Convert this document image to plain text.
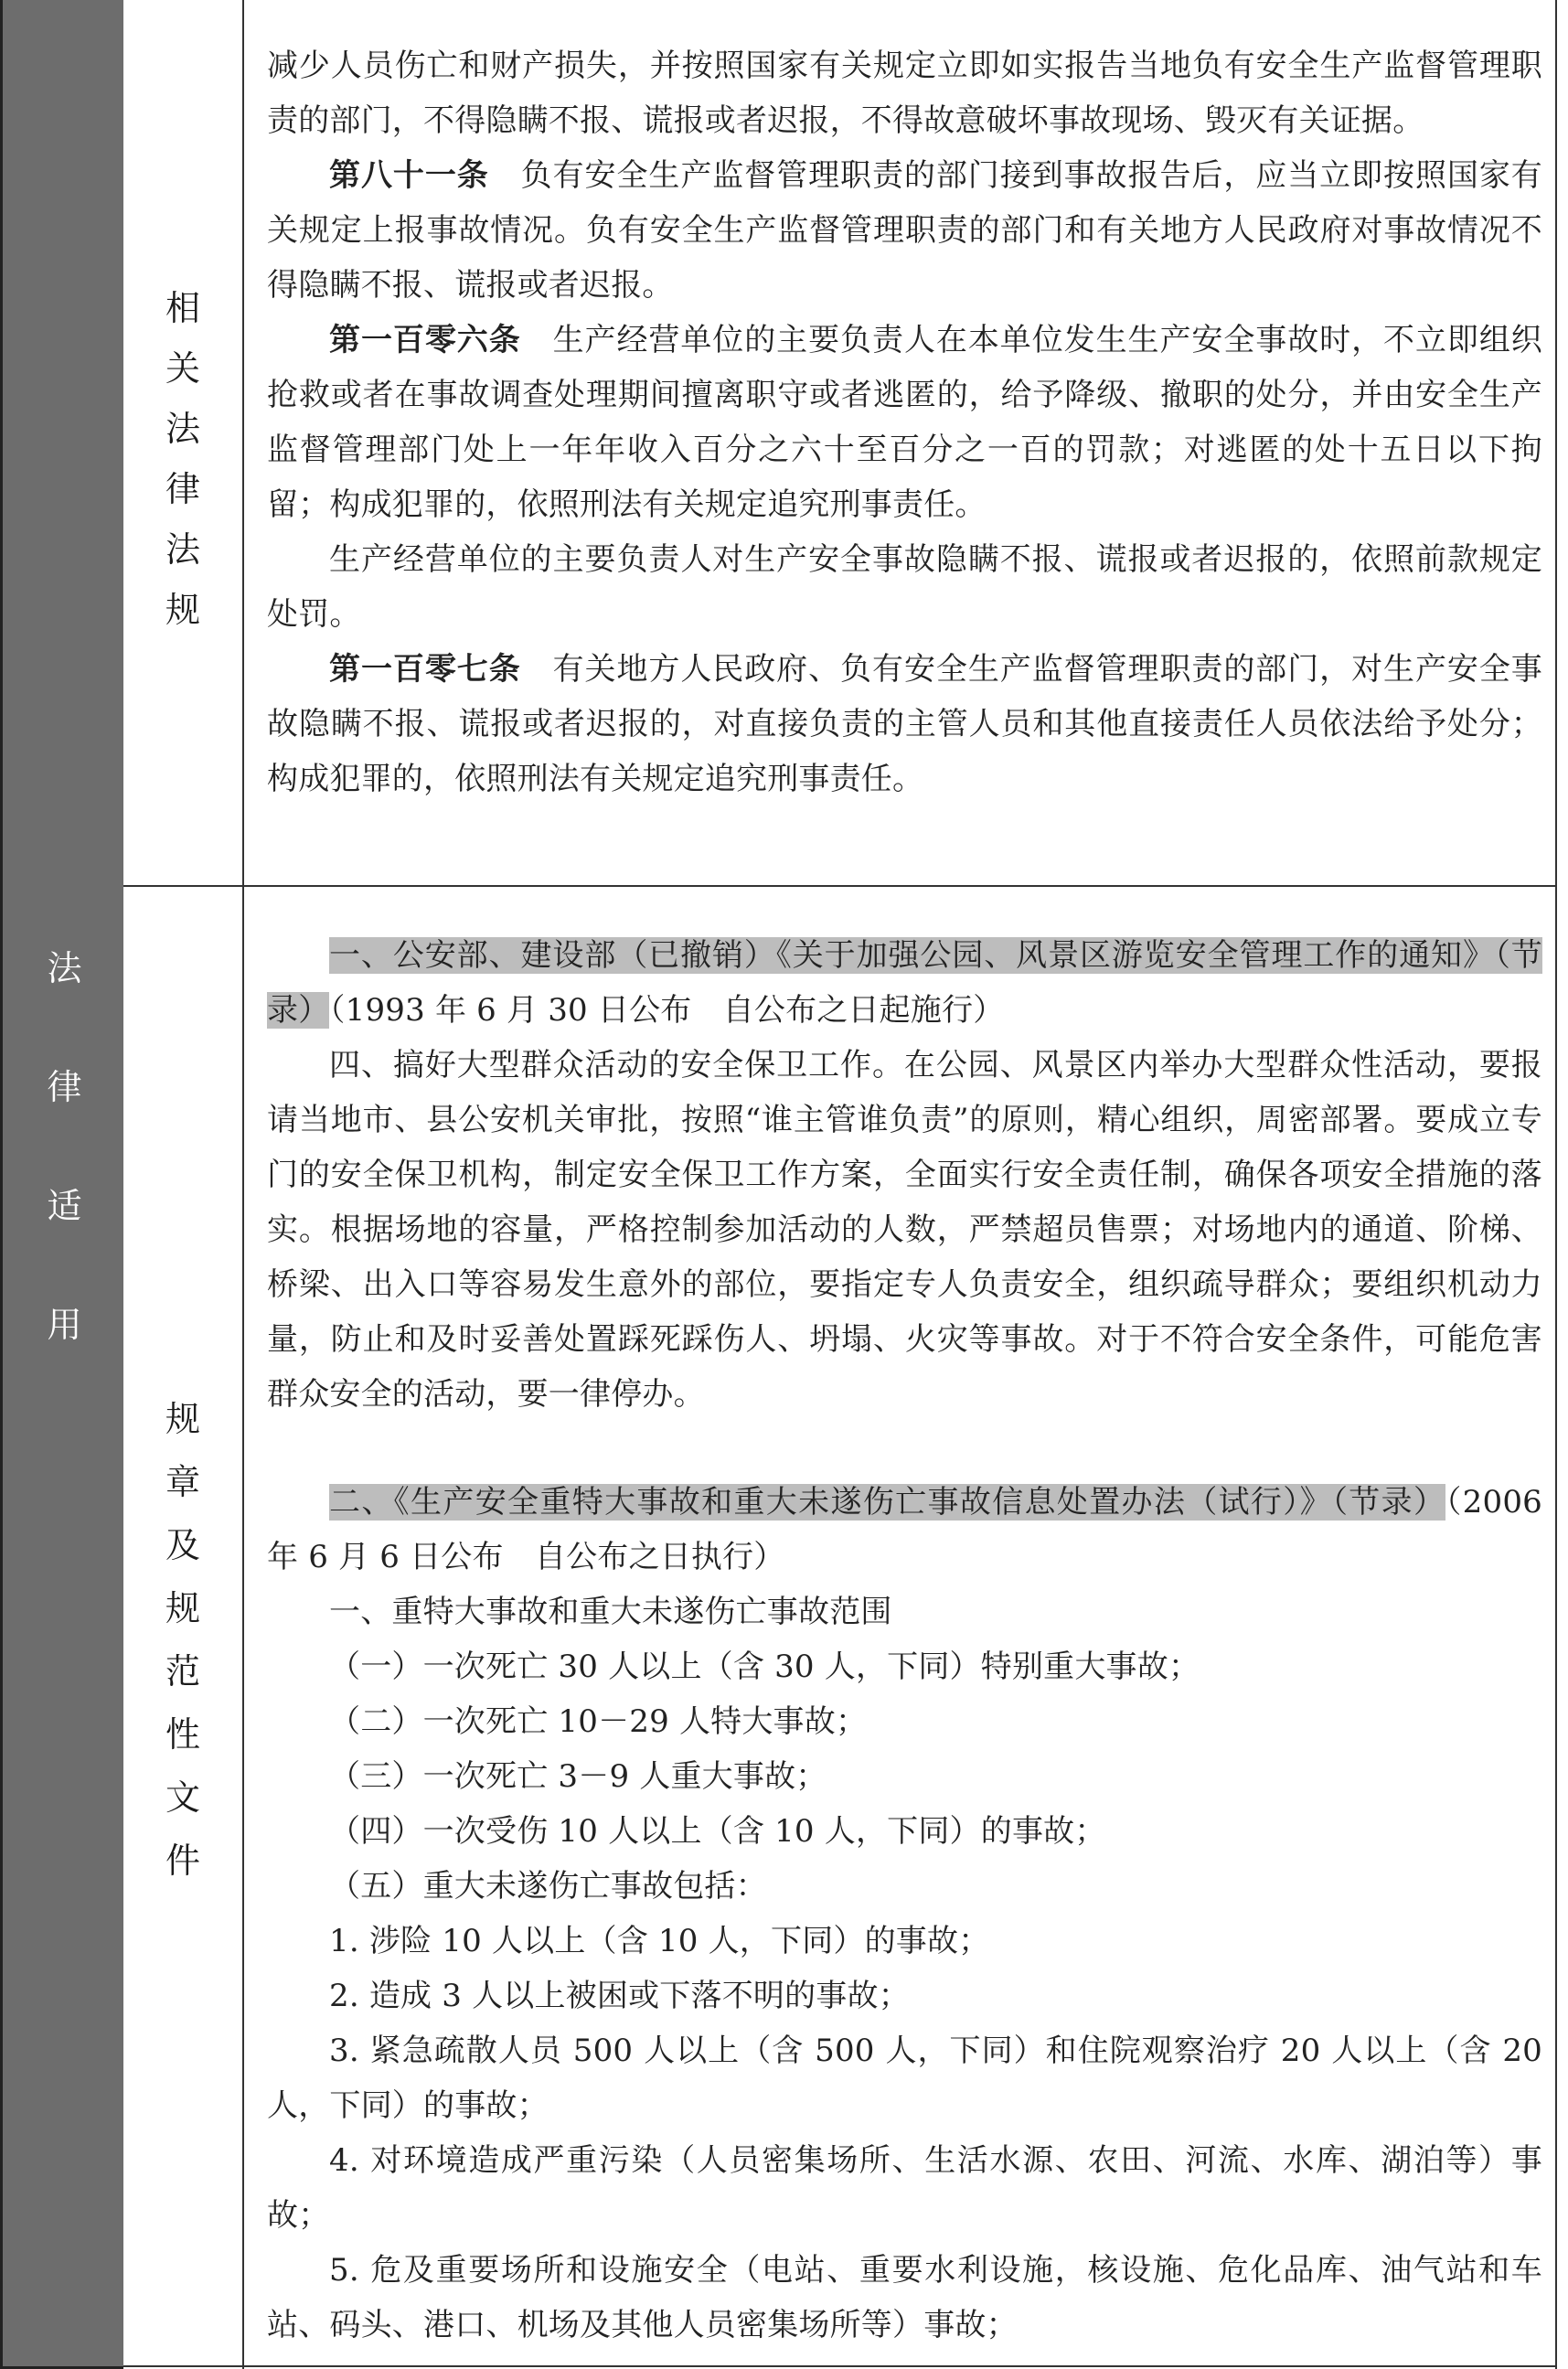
法
律
适
用
相
关
法
律
法
规
规
章
及
规
范
性
文
件

减少人员伤亡和财产损失，并按照国家有关规定立即如实报告当地负有安全生产监督管理职责的部门，不得隐瞒不报、谎报或者迟报，不得故意破坏事故现场、毁灭有关证据。

第八十一条　负有安全生产监督管理职责的部门接到事故报告后，应当立即按照国家有关规定上报事故情况。负有安全生产监督管理职责的部门和有关地方人民政府对事故情况不得隐瞒不报、谎报或者迟报。

第一百零六条　生产经营单位的主要负责人在本单位发生生产安全事故时，不立即组织抢救或者在事故调查处理期间擅离职守或者逃匿的，给予降级、撤职的处分，并由安全生产监督管理部门处上一年年收入百分之六十至百分之一百的罚款；对逃匿的处十五日以下拘留；构成犯罪的，依照刑法有关规定追究刑事责任。

生产经营单位的主要负责人对生产安全事故隐瞒不报、谎报或者迟报的，依照前款规定处罚。

第一百零七条　有关地方人民政府、负有安全生产监督管理职责的部门，对生产安全事故隐瞒不报、谎报或者迟报的，对直接负责的主管人员和其他直接责任人员依法给予处分；构成犯罪的，依照刑法有关规定追究刑事责任。

一、公安部、建设部（已撤销）《关于加强公园、风景区游览安全管理工作的通知》（节录）（1993 年 6 月 30 日公布　自公布之日起施行）

四、搞好大型群众活动的安全保卫工作。在公园、风景区内举办大型群众性活动，要报请当地市、县公安机关审批，按照“谁主管谁负责”的原则，精心组织，周密部署。要成立专门的安全保卫机构，制定安全保卫工作方案，全面实行安全责任制，确保各项安全措施的落实。根据场地的容量，严格控制参加活动的人数，严禁超员售票；对场地内的通道、阶梯、桥梁、出入口等容易发生意外的部位，要指定专人负责安全，组织疏导群众；要组织机动力量，防止和及时妥善处置踩死踩伤人、坍塌、火灾等事故。对于不符合安全条件，可能危害群众安全的活动，要一律停办。

二、《生产安全重特大事故和重大未遂伤亡事故信息处置办法（试行）》（节录）（2006 年 6 月 6 日公布　自公布之日执行）

一、重特大事故和重大未遂伤亡事故范围

（一）一次死亡 30 人以上（含 30 人，下同）特别重大事故；

（二）一次死亡 10－29 人特大事故；

（三）一次死亡 3－9 人重大事故；

（四）一次受伤 10 人以上（含 10 人，下同）的事故；

（五）重大未遂伤亡事故包括：

1. 涉险 10 人以上（含 10 人，下同）的事故；

2. 造成 3 人以上被困或下落不明的事故；

3. 紧急疏散人员 500 人以上（含 500 人，下同）和住院观察治疗 20 人以上（含 20 人，下同）的事故；

4. 对环境造成严重污染（人员密集场所、生活水源、农田、河流、水库、湖泊等）事故；

5. 危及重要场所和设施安全（电站、重要水利设施，核设施、危化品库、油气站和车站、码头、港口、机场及其他人员密集场所等）事故；
